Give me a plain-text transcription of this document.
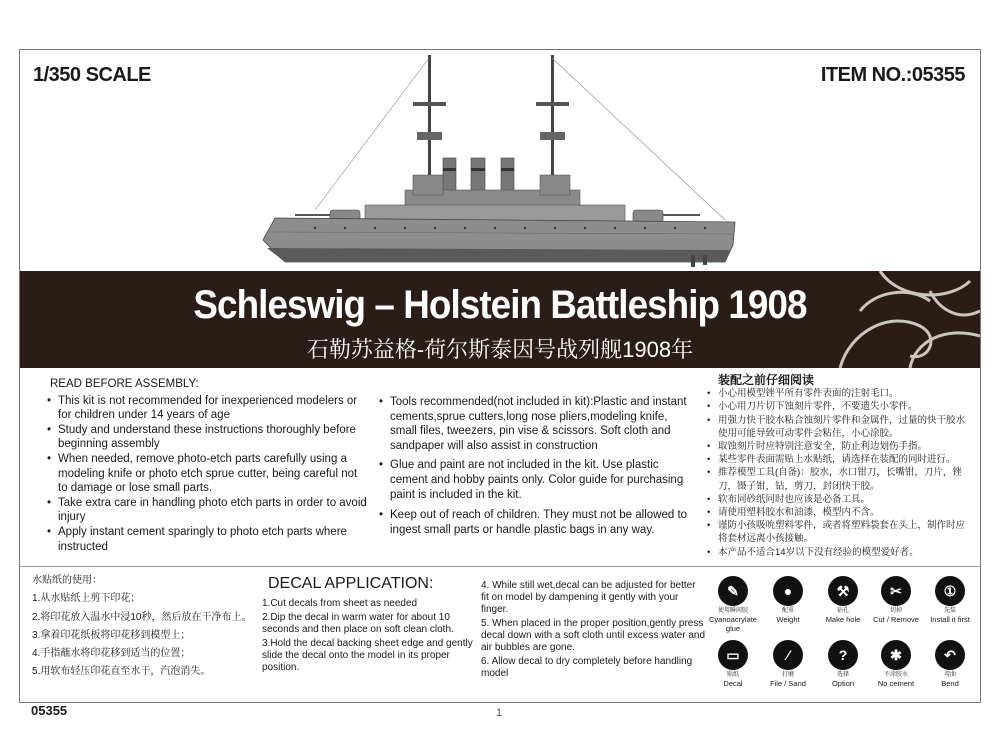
1/350 SCALE	ITEM NO.:05355
Schleswig – Holstein Battleship 1908
石勒苏益格-荷尔斯泰因号战列舰1908年
READ BEFORE ASSEMBLY:
• This kit is not recommended for inexperienced modelers or for children under 14 years of age
• Study and understand these instructions thoroughly before beginning assembly
• When needed, remove photo-etch parts carefully using a modeling knife or photo etch sprue cutter, being careful not to damage or lose small parts.
• Take extra care in handling photo etch parts in order to avoid injury
• Apply instant cement sparingly to photo etch parts where instructed
• Tools recommended(not included in kit):Plastic and instant cements,sprue cutters,long nose pliers,modeling knife, small files, tweezers, pin vise & scissors. Soft cloth and sandpaper will also assist in construction
• Glue and paint are not included in the kit. Use plastic cement and hobby paints only. Color guide for purchasing paint is included in the kit.
• Keep out of reach of children. They must not be allowed to ingest small parts or handle plastic bags in any way.
装配之前仔细阅读
• 小心用模型锉平所有零件表面的注射毛口。
• 小心用刀片切下蚀刻片零件，不要遗失小零件。
• 用强力快干胶水粘合蚀刻片零件和金属件，过量的快干胶水使用可能导致可动零件会粘住，小心涂胶。
• 取蚀刻片时应特别注意安全，防止利边划伤手指。
• 某些零件表面需贴上水贴纸，请选择在装配的同时进行。
• 推荐模型工具(自备)：胶水，水口钳刀，长嘴钳，刀片，锉刀，镊子钳，钻，剪刀，封闭快干胶。
• 软布同砂纸同时也应该是必备工具。
• 请使用塑料胶水和油漆，模型内不含。
• 谨防小孩吸吮塑料零件，或者将塑料袋套在头上，制作时应将套材远离小孩接触。
• 本产品不适合14岁以下没有经验的模型爱好者。
水贴纸的使用：
1.从水贴纸上剪下印花；
2.将印花放入温水中浸10秒，然后放在干净布上。
3.拿着印花纸板将印花移到模型上；
4.手指蘸水将印花移到适当的位置；
5.用软布轻压印花直至水干，汽泡消失。
DECAL APPLICATION:
1.Cut decals from sheet as needed
2.Dip the decal in warm water for about 10 seconds and then place on soft clean cloth.
3.Hold the decal backing sheet edge and gently slide the decal onto the model in its proper position.
4. While still wet,decal can be adjusted for better fit on model by dampening it gently with your finger.
5. When placed in the proper position,gently press decal down with a soft cloth until excess water and air bubbles are gone.
6. Allow decal to dry completely before handling model
✎
使用瞬间胶
Cyanoacrylate glue
●
配重
Weight
⚒
钻孔
Make hole
✂
切掉
Cut / Remove
①
先装
Install it first
▭
贴纸
Decal
⁄
打磨
File / Sand
?
选择
Option
✱
不涂胶水
No cement
↶
弯曲
Bend
05355	1
